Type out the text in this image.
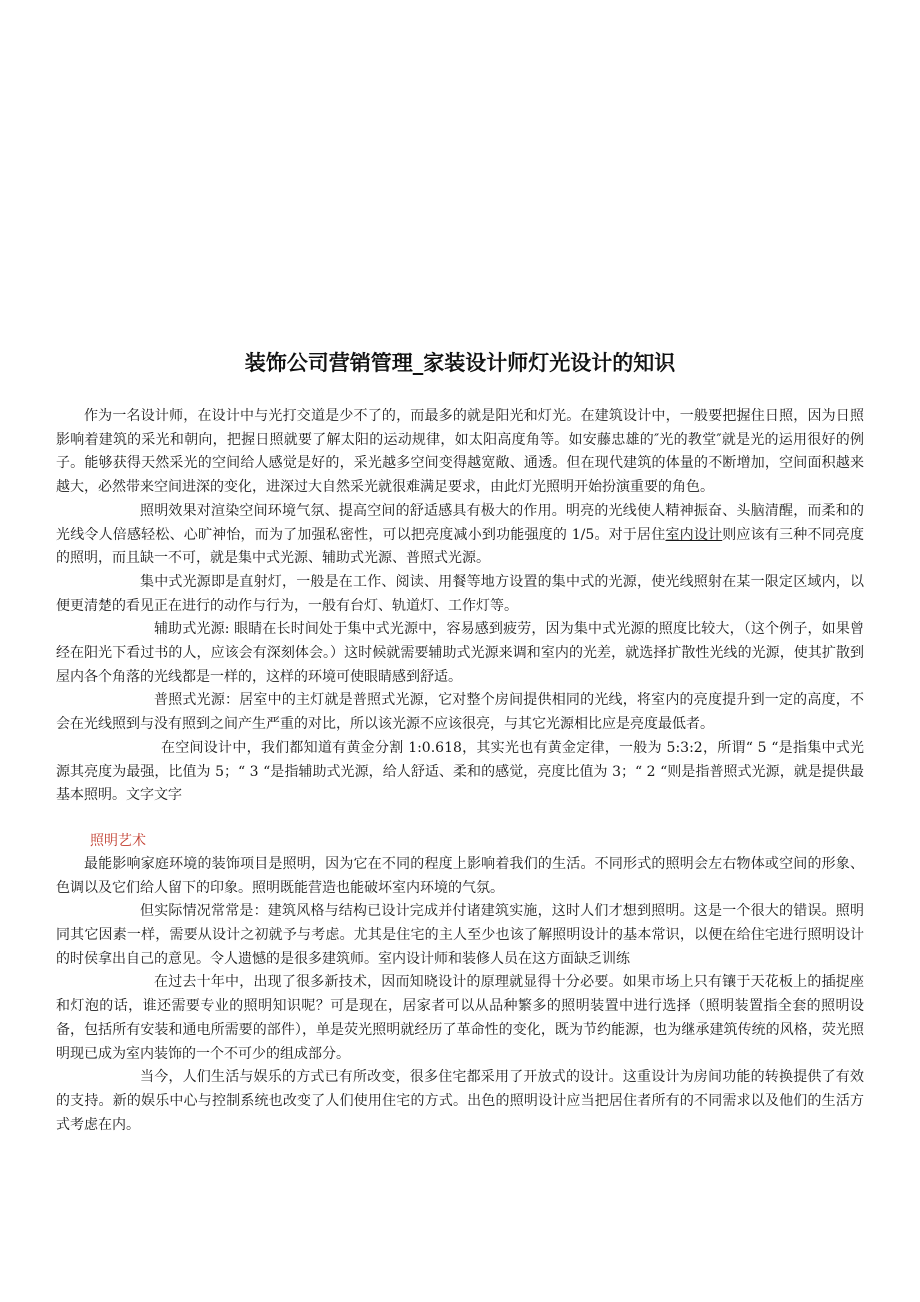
装饰公司营销管理_家装设计师灯光设计的知识

作为一名设计师，在设计中与光打交道是少不了的，而最多的就是阳光和灯光。在建筑设计中，一般要把握住日照，因为日照影响着建筑的采光和朝向，把握日照就要了解太阳的运动规律，如太阳高度角等。如安藤忠雄的″光的教堂″就是光的运用很好的例子。能够获得天然采光的空间给人感觉是好的，采光越多空间变得越宽敞、通透。但在现代建筑的体量的不断增加，空间面积越来越大，必然带来空间进深的变化，进深过大自然采光就很难满足要求，由此灯光照明开始扮演重要的角色。

照明效果对渲染空间环境气氛、提高空间的舒适感具有极大的作用。明亮的光线使人精神振奋、头脑清醒，而柔和的光线令人倍感轻松、心旷神怡，而为了加强私密性，可以把亮度减小到功能强度的 1/5。对于居住室内设计则应该有三种不同亮度的照明，而且缺一不可，就是集中式光源、辅助式光源、普照式光源。

集中式光源即是直射灯，一般是在工作、阅读、用餐等地方设置的集中式的光源，使光线照射在某一限定区域内，以便更清楚的看见正在进行的动作与行为，一般有台灯、轨道灯、工作灯等。

辅助式光源: 眼睛在长时间处于集中式光源中，容易感到疲劳，因为集中式光源的照度比较大，（这个例子，如果曾经在阳光下看过书的人，应该会有深刻体会。）这时候就需要辅助式光源来调和室内的光差，就选择扩散性光线的光源，使其扩散到屋内各个角落的光线都是一样的，这样的环境可使眼睛感到舒适。

普照式光源：居室中的主灯就是普照式光源，它对整个房间提供相同的光线，将室内的亮度提升到一定的高度，不会在光线照到与没有照到之间产生严重的对比，所以该光源不应该很亮，与其它光源相比应是亮度最低者。

在空间设计中，我们都知道有黄金分割 1:0.618，其实光也有黄金定律，一般为 5:3:2，所谓“ 5 “是指集中式光源其亮度为最强，比值为 5；“ 3 “是指辅助式光源，给人舒适、柔和的感觉，亮度比值为 3；“ 2 “则是指普照式光源，就是提供最基本照明。文字文字

照明艺术

最能影响家庭环境的装饰项目是照明，因为它在不同的程度上影响着我们的生活。不同形式的照明会左右物体或空间的形象、色调以及它们给人留下的印象。照明既能营造也能破坏室内环境的气氛。

但实际情况常常是：建筑风格与结构已设计完成并付诸建筑实施，这时人们才想到照明。这是一个很大的错误。照明同其它因素一样，需要从设计之初就予与考虑。尤其是住宅的主人至少也该了解照明设计的基本常识，以便在给住宅进行照明设计的时侯拿出自己的意见。令人遗憾的是很多建筑师。室内设计师和装修人员在这方面缺乏训练

在过去十年中，出现了很多新技术，因而知晓设计的原理就显得十分必要。如果市场上只有镶于天花板上的插捉座和灯泡的话，谁还需要专业的照明知识呢？可是现在，居家者可以从品种繁多的照明装置中进行选择（照明装置指全套的照明设备，包括所有安装和通电所需要的部件），单是荧光照明就经历了革命性的变化，既为节约能源，也为继承建筑传统的风格，荧光照明现已成为室内装饰的一个不可少的组成部分。

当今，人们生活与娱乐的方式已有所改变，很多住宅都采用了开放式的设计。这重设计为房间功能的转换提供了有效的支持。新的娱乐中心与控制系统也改变了人们使用住宅的方式。出色的照明设计应当把居住者所有的不同需求以及他们的生活方式考虑在内。
